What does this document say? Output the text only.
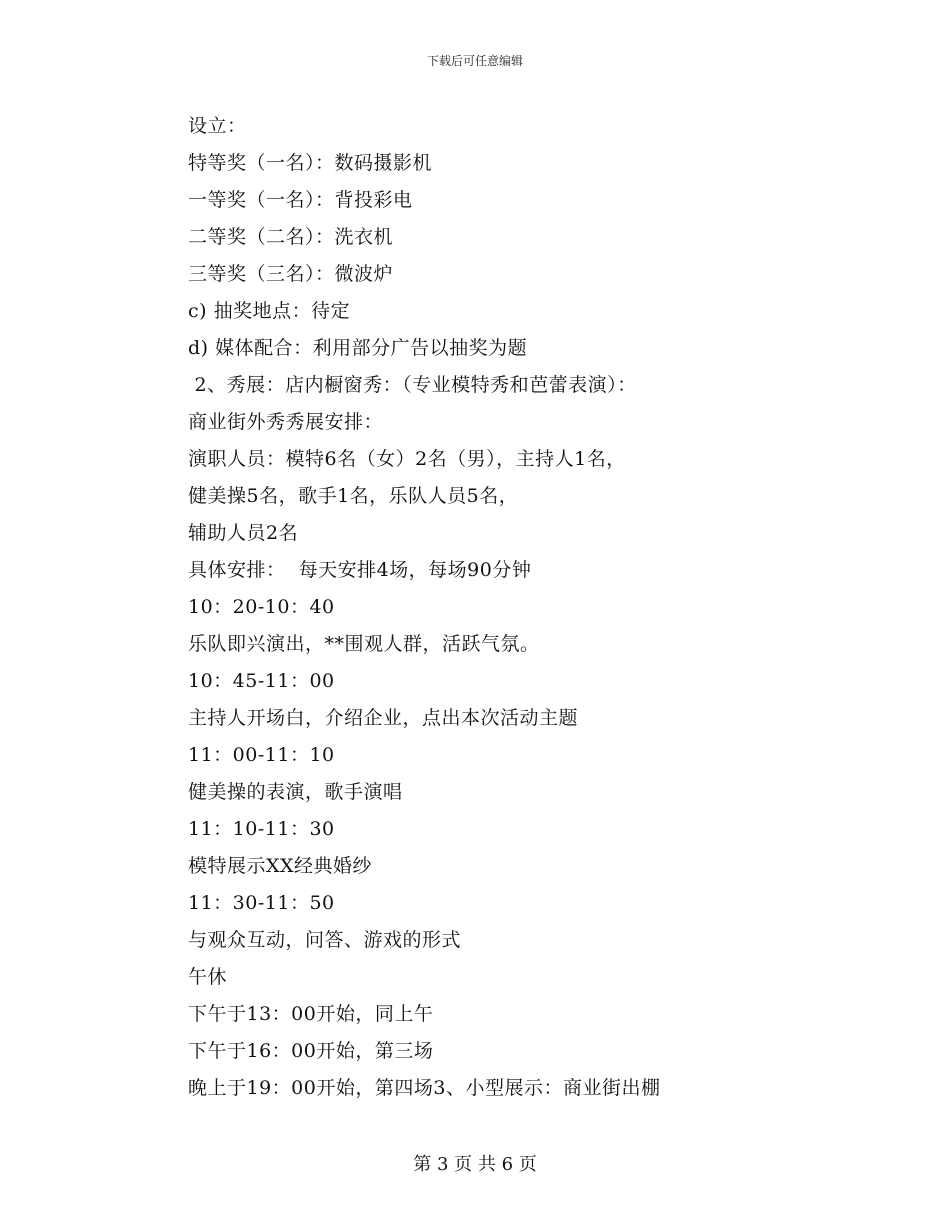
下载后可任意编辑
设立：
特等奖（一名）：数码摄影机
一等奖（一名）：背投彩电
二等奖（二名）：洗衣机
三等奖（三名）：微波炉
c) 抽奖地点：待定
d) 媒体配合：利用部分广告以抽奖为题
2、秀展：店内橱窗秀：（专业模特秀和芭蕾表演）：
商业街外秀秀展安排：
演职人员：模特6名（女）2名（男），主持人1名，
健美操5名，歌手1名，乐队人员5名，
辅助人员2名
具体安排：  每天安排4场，每场90分钟
10：20-10：40
乐队即兴演出，**围观人群，活跃气氛。
10：45-11：00
主持人开场白，介绍企业，点出本次活动主题
11：00-11：10
健美操的表演，歌手演唱
11：10-11：30
模特展示XX经典婚纱
11：30-11：50
与观众互动，问答、游戏的形式
午休
下午于13：00开始，同上午
下午于16：00开始，第三场
晚上于19：00开始，第四场3、小型展示：商业街出棚
第 3 页 共 6 页
